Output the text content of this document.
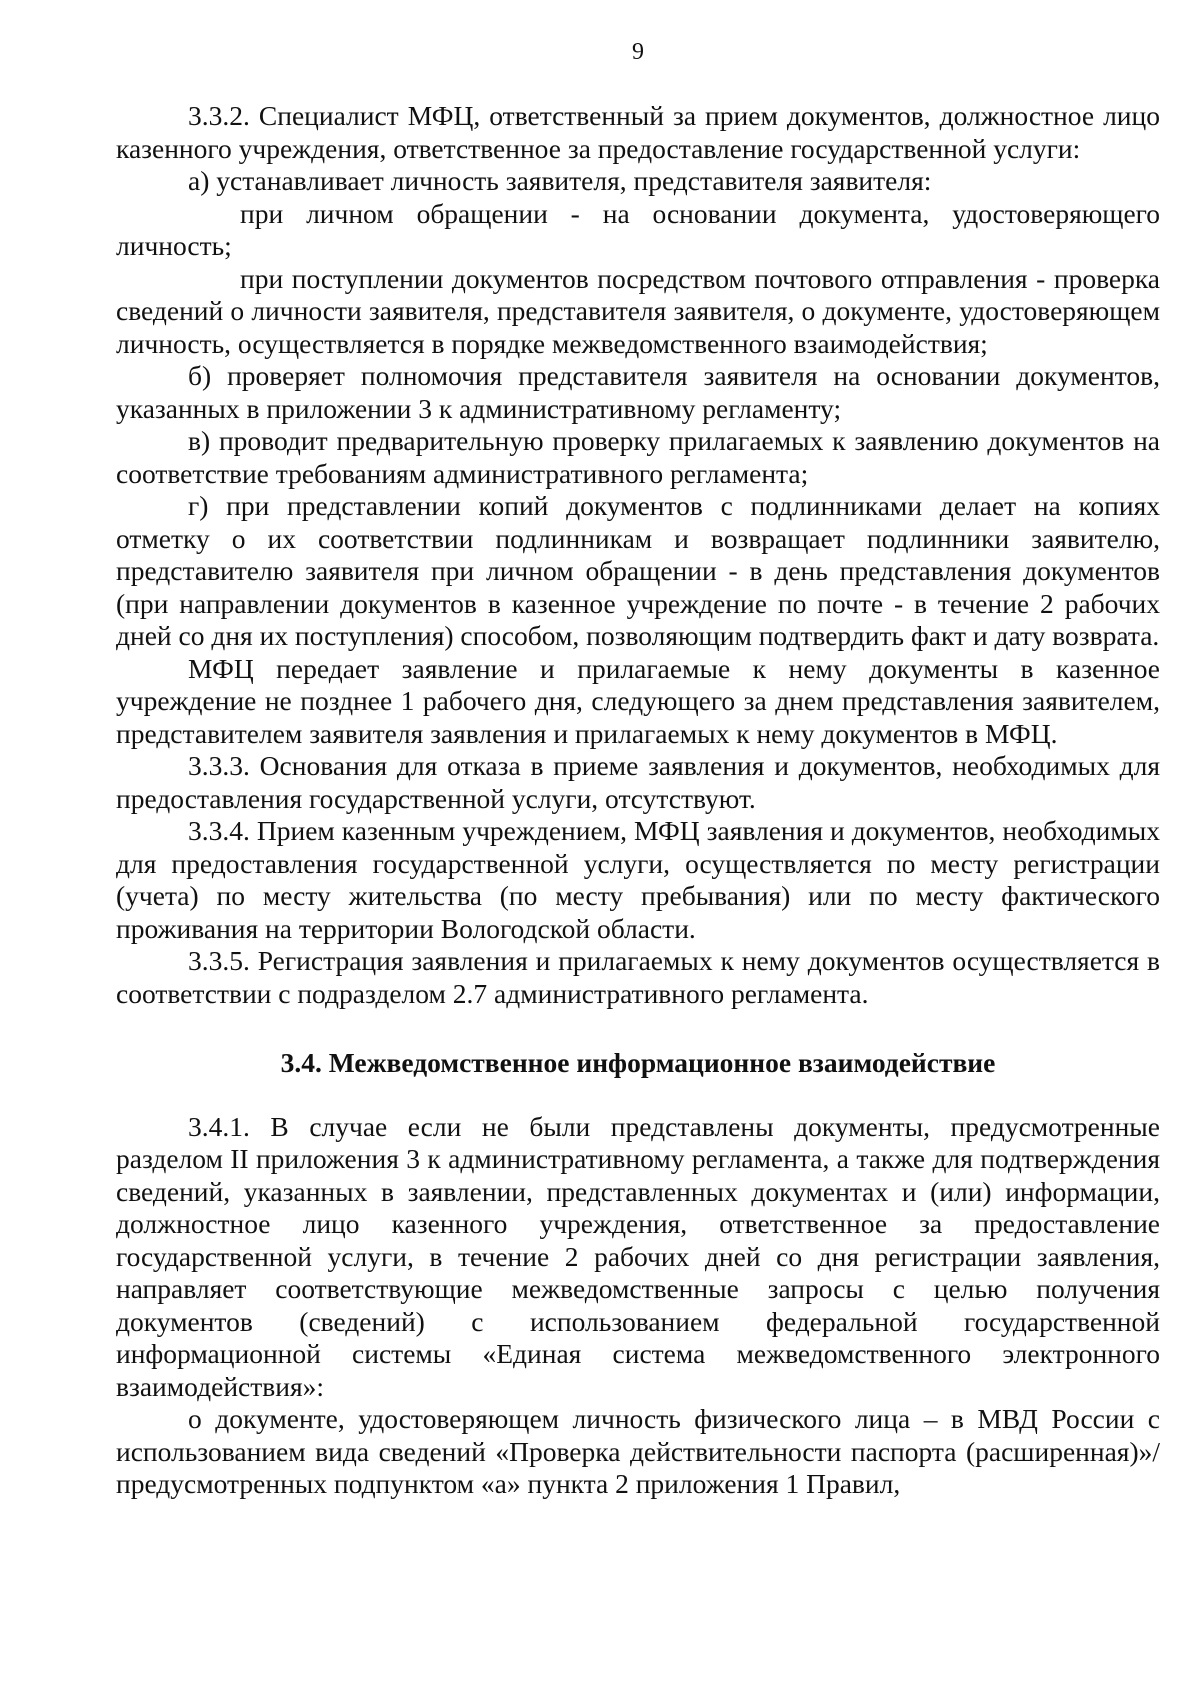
9

3.3.2. Специалист МФЦ, ответственный за прием документов, должностное лицо казенного учреждения, ответственное за предоставление государственной услуги:

а) устанавливает личность заявителя, представителя заявителя:

при личном обращении - на основании документа, удостоверяющего личность;

при поступлении документов посредством почтового отправления - проверка сведений о личности заявителя, представителя заявителя, о документе, удостоверяющем личность, осуществляется в порядке межведомственного взаимодействия;

б) проверяет полномочия представителя заявителя на основании документов, указанных в приложении 3 к административному регламенту;

в) проводит предварительную проверку прилагаемых к заявлению документов на соответствие требованиям административного регламента;

г) при представлении копий документов с подлинниками делает на копиях отметку о их соответствии подлинникам и возвращает подлинники заявителю, представителю заявителя при личном обращении - в день представления документов (при направлении документов в казенное учреждение по почте - в течение 2 рабочих дней со дня их поступления) способом, позволяющим подтвердить факт и дату возврата.

МФЦ передает заявление и прилагаемые к нему документы в казенное учреждение не позднее 1 рабочего дня, следующего за днем представления заявителем, представителем заявителя заявления и прилагаемых к нему документов в МФЦ.

3.3.3. Основания для отказа в приеме заявления и документов, необходимых для предоставления государственной услуги, отсутствуют.

3.3.4. Прием казенным учреждением, МФЦ заявления и документов, необходимых для предоставления государственной услуги, осуществляется по месту регистрации (учета) по месту жительства (по месту пребывания) или по месту фактического проживания на территории Вологодской области.

3.3.5. Регистрация заявления и прилагаемых к нему документов осуществляется в соответствии с подразделом 2.7 административного регламента.

3.4. Межведомственное информационное взаимодействие

3.4.1. В случае если не были представлены документы, предусмотренные разделом II приложения 3 к административному регламента, а также для подтверждения сведений, указанных в заявлении, представленных документах и (или) информации, должностное лицо казенного учреждения, ответственное за предоставление государственной услуги, в течение 2 рабочих дней со дня регистрации заявления, направляет соответствующие межведомственные запросы с целью получения документов (сведений) с использованием федеральной государственной информационной системы «Единая система межведомственного электронного взаимодействия»:

о документе, удостоверяющем личность физического лица – в МВД России с использованием вида сведений «Проверка действительности паспорта (расширенная)»/предусмотренных подпунктом «а» пункта 2 приложения 1 Правил,
